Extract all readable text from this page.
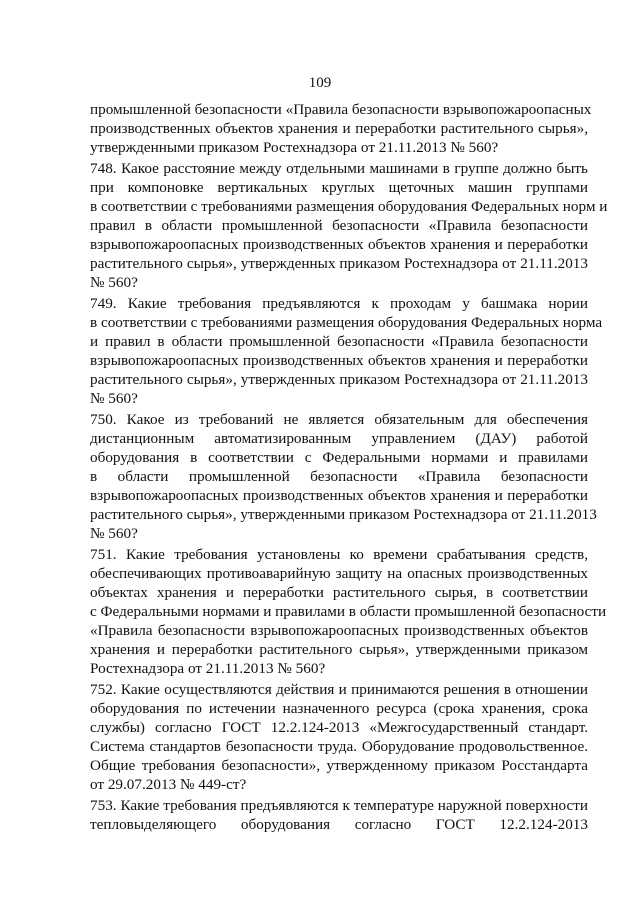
109
промышленной безопасности «Правила безопасности взрывопожароопасных
производственных объектов хранения и переработки растительного сырья»,
утвержденными приказом Ростехнадзора от 21.11.2013 № 560?
748. Какое расстояние между отдельными машинами в группе должно быть
при компоновке вертикальных круглых щеточных машин группами
в соответствии с требованиями размещения оборудования Федеральных норм и
правил в области промышленной безопасности «Правила безопасности
взрывопожароопасных производственных объектов хранения и переработки
растительного сырья», утвержденных приказом Ростехнадзора от 21.11.2013
№ 560?
749. Какие требования предъявляются к проходам у башмака нории
в соответствии с требованиями размещения оборудования Федеральных норма
и правил в области промышленной безопасности «Правила безопасности
взрывопожароопасных производственных объектов хранения и переработки
растительного сырья», утвержденных приказом Ростехнадзора от 21.11.2013
№ 560?
750. Какое из требований не является обязательным для обеспечения
дистанционным автоматизированным управлением (ДАУ) работой
оборудования в соответствии с Федеральными нормами и правилами
в области промышленной безопасности «Правила безопасности
взрывопожароопасных производственных объектов хранения и переработки
растительного сырья», утвержденными приказом Ростехнадзора от 21.11.2013
№ 560?
751. Какие требования установлены ко времени срабатывания средств,
обеспечивающих противоаварийную защиту на опасных производственных
объектах хранения и переработки растительного сырья, в соответствии
с Федеральными нормами и правилами в области промышленной безопасности
«Правила безопасности взрывопожароопасных производственных объектов
хранения и переработки растительного сырья», утвержденными приказом
Ростехнадзора от 21.11.2013 № 560?
752. Какие осуществляются действия и принимаются решения в отношении
оборудования по истечении назначенного ресурса (срока хранения, срока
службы) согласно ГОСТ 12.2.124-2013 «Межгосударственный стандарт.
Система стандартов безопасности труда. Оборудование продовольственное.
Общие требования безопасности», утвержденному приказом Росстандарта
от 29.07.2013 № 449-ст?
753. Какие требования предъявляются к температуре наружной поверхности
тепловыделяющего оборудования согласно ГОСТ 12.2.124-2013
